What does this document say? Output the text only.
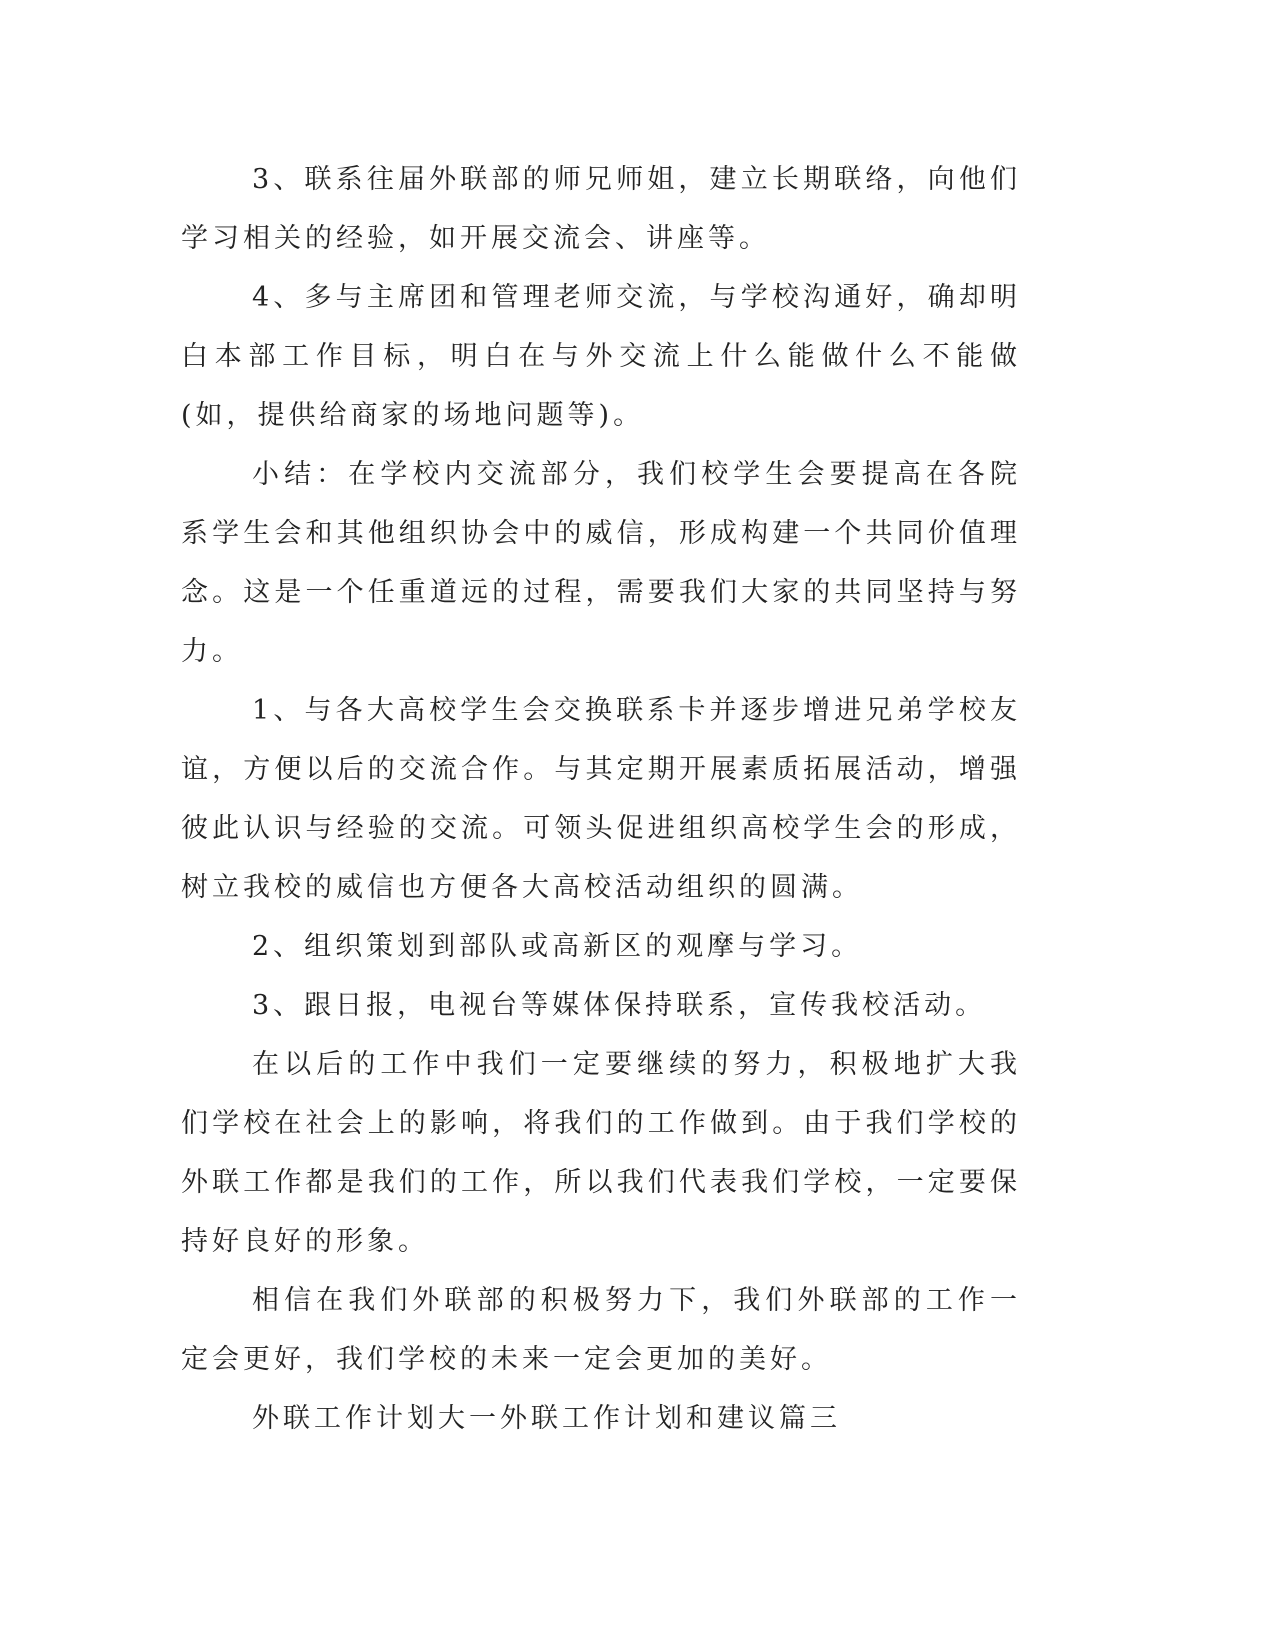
3、联系往届外联部的师兄师姐，建立长期联络，向他们学习相关的经验，如开展交流会、讲座等。

4、多与主席团和管理老师交流，与学校沟通好，确却明白本部工作目标，明白在与外交流上什么能做什么不能做(如，提供给商家的场地问题等)。

小结：在学校内交流部分，我们校学生会要提高在各院系学生会和其他组织协会中的威信，形成构建一个共同价值理念。这是一个任重道远的过程，需要我们大家的共同坚持与努力。

1、与各大高校学生会交换联系卡并逐步增进兄弟学校友谊，方便以后的交流合作。与其定期开展素质拓展活动，增强彼此认识与经验的交流。可领头促进组织高校学生会的形成，树立我校的威信也方便各大高校活动组织的圆满。

2、组织策划到部队或高新区的观摩与学习。

3、跟日报，电视台等媒体保持联系，宣传我校活动。

在以后的工作中我们一定要继续的努力，积极地扩大我们学校在社会上的影响，将我们的工作做到。由于我们学校的外联工作都是我们的工作，所以我们代表我们学校，一定要保持好良好的形象。

相信在我们外联部的积极努力下，我们外联部的工作一定会更好，我们学校的未来一定会更加的美好。

外联工作计划大一外联工作计划和建议篇三
